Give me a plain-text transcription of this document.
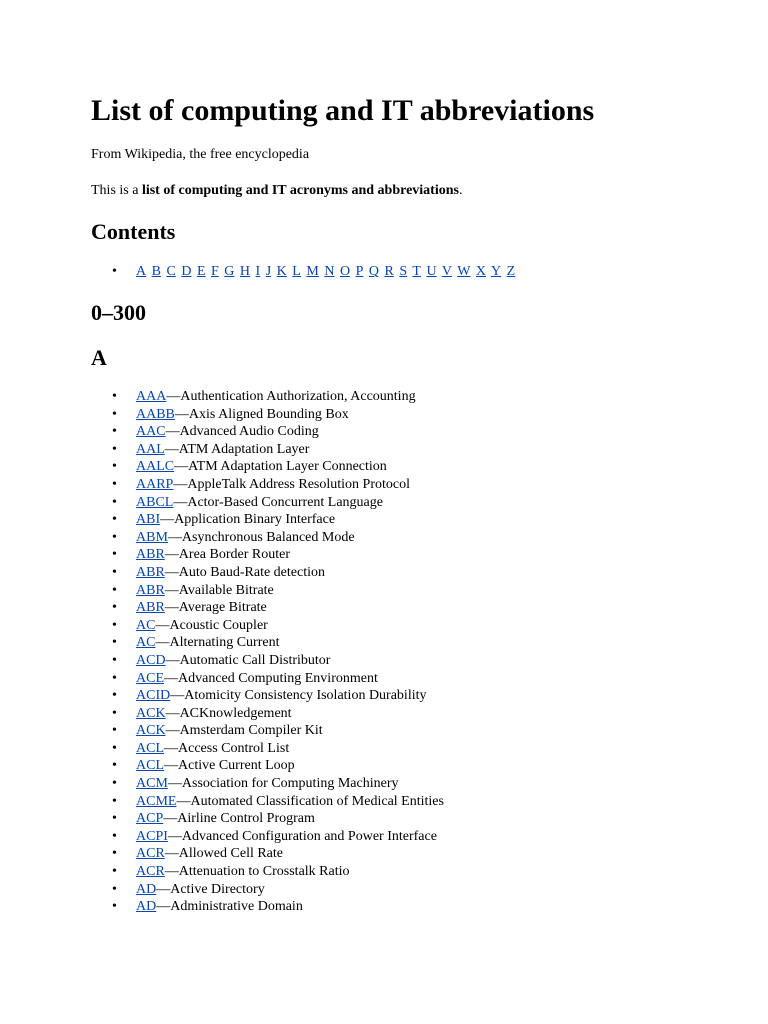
List of computing and IT abbreviations
From Wikipedia, the free encyclopedia
This is a list of computing and IT acronyms and abbreviations.
Contents
• A B C D E F G H I J K L M N O P Q R S T U V W X Y Z
0–300
A
• AAA—Authentication Authorization, Accounting
• AABB—Axis Aligned Bounding Box
• AAC—Advanced Audio Coding
• AAL—ATM Adaptation Layer
• AALC—ATM Adaptation Layer Connection
• AARP—AppleTalk Address Resolution Protocol
• ABCL—Actor-Based Concurrent Language
• ABI—Application Binary Interface
• ABM—Asynchronous Balanced Mode
• ABR—Area Border Router
• ABR—Auto Baud-Rate detection
• ABR—Available Bitrate
• ABR—Average Bitrate
• AC—Acoustic Coupler
• AC—Alternating Current
• ACD—Automatic Call Distributor
• ACE—Advanced Computing Environment
• ACID—Atomicity Consistency Isolation Durability
• ACK—ACKnowledgement
• ACK—Amsterdam Compiler Kit
• ACL—Access Control List
• ACL—Active Current Loop
• ACM—Association for Computing Machinery
• ACME—Automated Classification of Medical Entities
• ACP—Airline Control Program
• ACPI—Advanced Configuration and Power Interface
• ACR—Allowed Cell Rate
• ACR—Attenuation to Crosstalk Ratio
• AD—Active Directory
• AD—Administrative Domain
